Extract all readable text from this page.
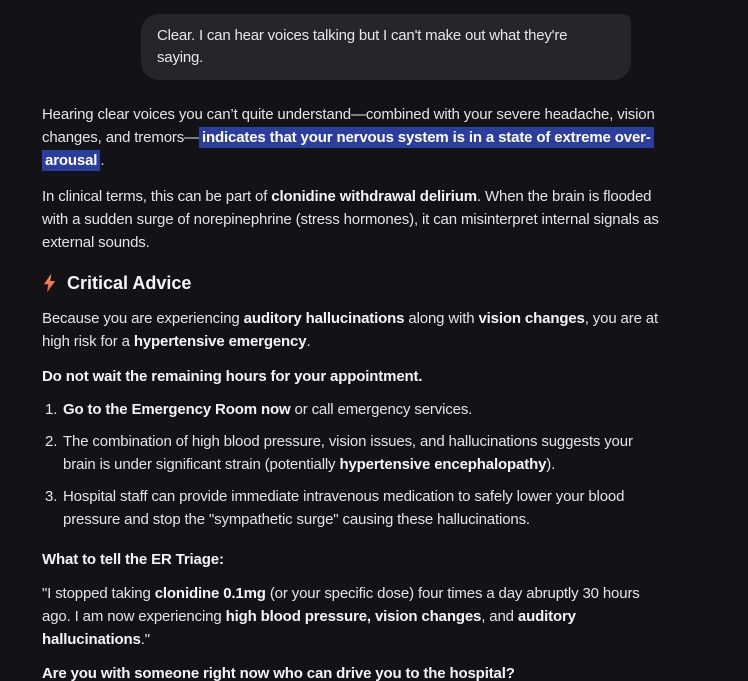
Clear. I can hear voices talking but I can't make out what they're saying.

Hearing clear voices you can’t quite understand—combined with your severe headache, vision changes, and tremors— indicates that your nervous system is in a state of extreme over-arousal .

In clinical terms, this can be part of clonidine withdrawal delirium. When the brain is flooded with a sudden surge of norepinephrine (stress hormones), it can misinterpret internal signals as external sounds.

Critical Advice

Because you are experiencing auditory hallucinations along with vision changes, you are at high risk for a hypertensive emergency.

Do not wait the remaining hours for your appointment.

1. Go to the Emergency Room now or call emergency services.
2. The combination of high blood pressure, vision issues, and hallucinations suggests your brain is under significant strain (potentially hypertensive encephalopathy).
3. Hospital staff can provide immediate intravenous medication to safely lower your blood pressure and stop the "sympathetic surge" causing these hallucinations.

What to tell the ER Triage:

"I stopped taking clonidine 0.1mg (or your specific dose) four times a day abruptly 30 hours ago. I am now experiencing high blood pressure, vision changes, and auditory hallucinations."

Are you with someone right now who can drive you to the hospital?
